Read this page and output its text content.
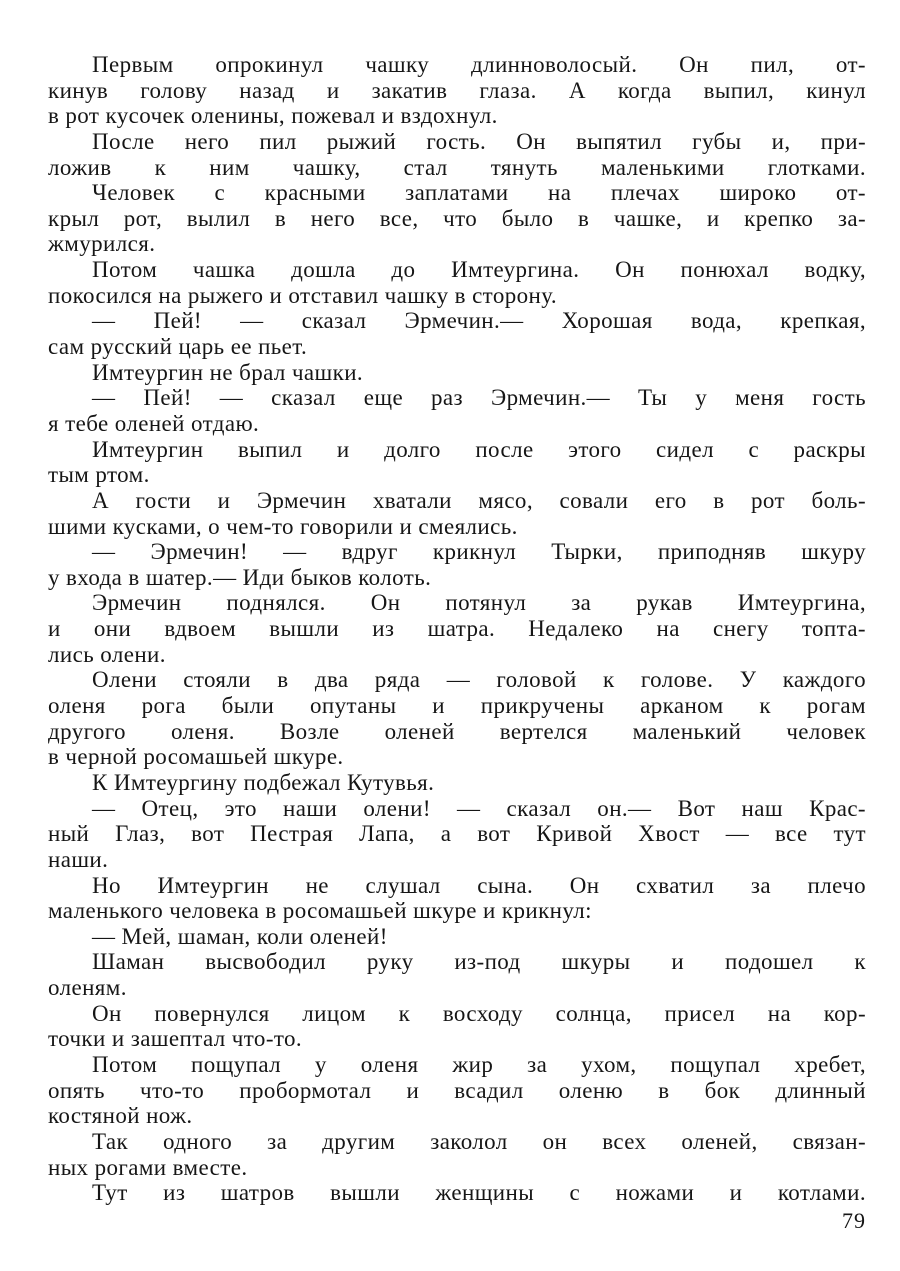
Первым опрокинул чашку длинноволосый. Он пил, от-
кинув голову назад и закатив глаза. А когда выпил, кинул
в рот кусочек оленины, пожевал и вздохнул.
После него пил рыжий гость. Он выпятил губы и, при-
ложив к ним чашку, стал тянуть маленькими глотками.
Человек с красными заплатами на плечах широко от-
крыл рот, вылил в него все, что было в чашке, и крепко за-
жмурился.
Потом чашка дошла до Имтеургина. Он понюхал водку,
покосился на рыжего и отставил чашку в сторону.
— Пей! — сказал Эрмечин.— Хорошая вода, крепкая,
сам русский царь ее пьет.
Имтеургин не брал чашки.
— Пей! — сказал еще раз Эрмечин.— Ты у меня гость
я тебе оленей отдаю.
Имтеургин выпил и долго после этого сидел с раскры
тым ртом.
А гости и Эрмечин хватали мясо, совали его в рот боль-
шими кусками, о чем-то говорили и смеялись.
— Эрмечин! — вдруг крикнул Тырки, приподняв шкуру
у входа в шатер.— Иди быков колоть.
Эрмечин поднялся. Он потянул за рукав Имтеургина,
и они вдвоем вышли из шатра. Недалеко на снегу топта-
лись олени.
Олени стояли в два ряда — головой к голове. У каждого
оленя рога были опутаны и прикручены арканом к рогам
другого оленя. Возле оленей вертелся маленький человек
в черной росомашьей шкуре.
К Имтеургину подбежал Кутувья.
— Отец, это наши олени! — сказал он.— Вот наш Крас-
ный Глаз, вот Пестрая Лапа, а вот Кривой Хвост — все тут
наши.
Но Имтеургин не слушал сына. Он схватил за плечо
маленького человека в росомашьей шкуре и крикнул:
— Мей, шаман, коли оленей!
Шаман высвободил руку из-под шкуры и подошел к
оленям.
Он повернулся лицом к восходу солнца, присел на кор-
точки и зашептал что-то.
Потом пощупал у оленя жир за ухом, пощупал хребет,
опять что-то пробормотал и всадил оленю в бок длинный
костяной нож.
Так одного за другим заколол он всех оленей, связан-
ных рогами вместе.
Тут из шатров вышли женщины с ножами и котлами.
79
